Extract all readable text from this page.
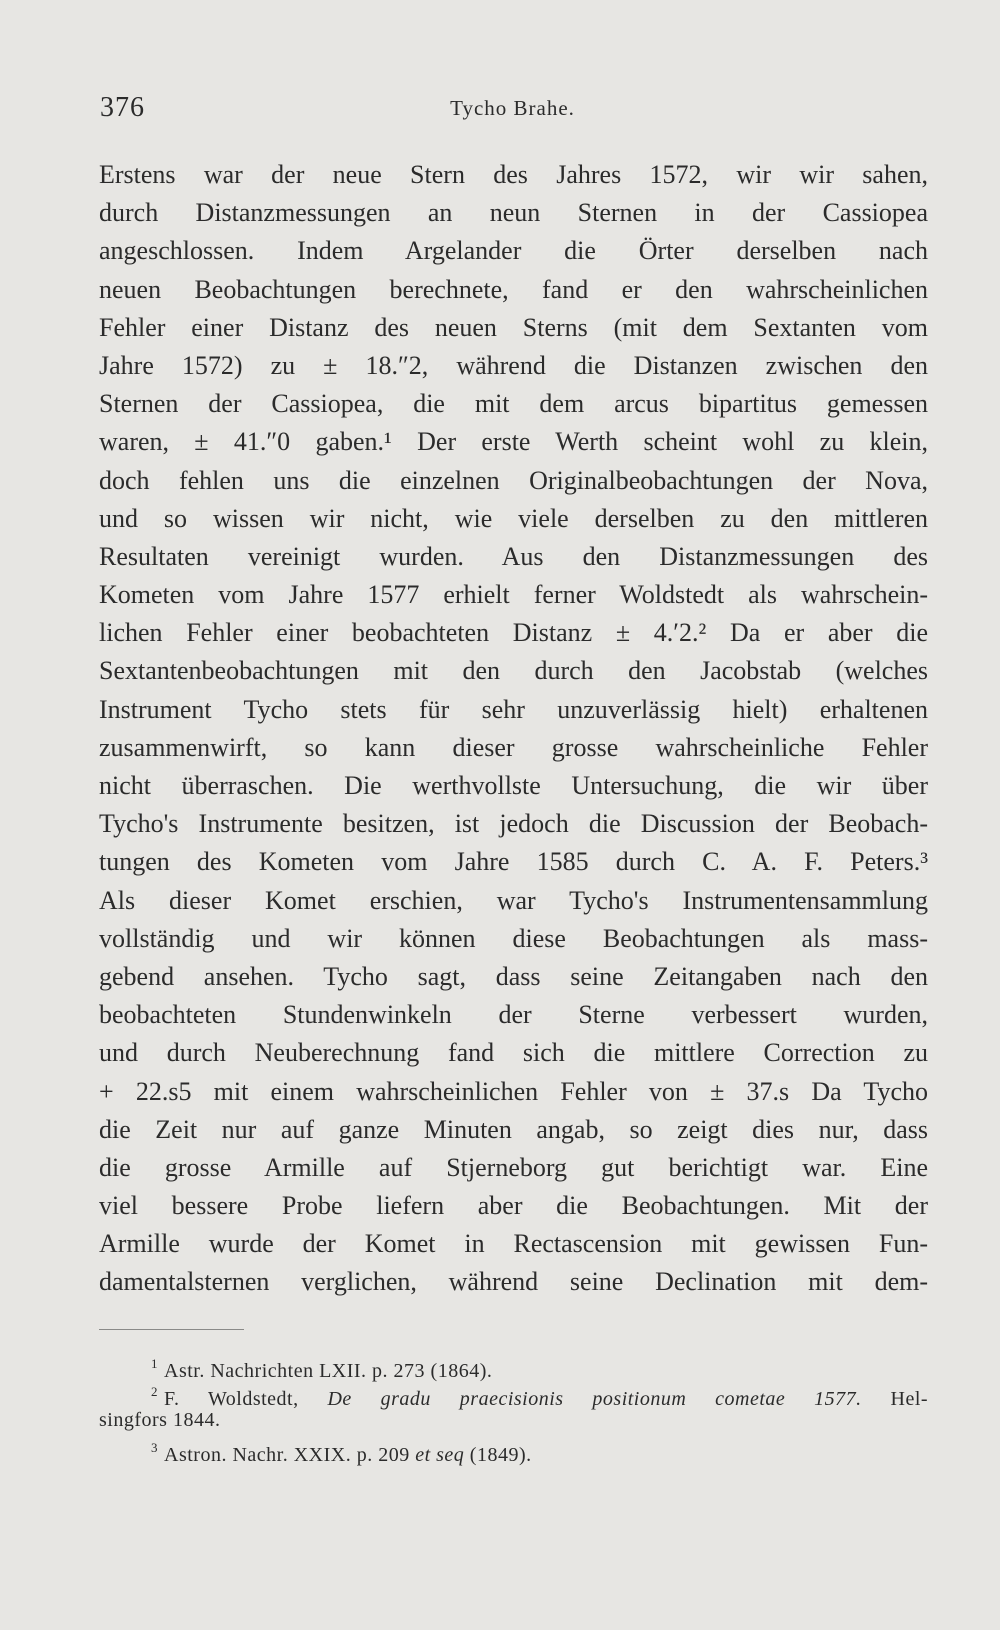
376	Tycho Brahe.
Erstens war der neue Stern des Jahres 1572, wir wir sahen,
durch Distanzmessungen an neun Sternen in der Cassiopea
angeschlossen. Indem Argelander die Örter derselben nach
neuen Beobachtungen berechnete, fand er den wahrscheinlichen
Fehler einer Distanz des neuen Sterns (mit dem Sextanten vom
Jahre 1572) zu ± 18.″2, während die Distanzen zwischen den
Sternen der Cassiopea, die mit dem arcus bipartitus gemessen
waren, ± 41.″0 gaben.¹ Der erste Werth scheint wohl zu klein,
doch fehlen uns die einzelnen Originalbeobachtungen der Nova,
und so wissen wir nicht, wie viele derselben zu den mittleren
Resultaten vereinigt wurden. Aus den Distanzmessungen des
Kometen vom Jahre 1577 erhielt ferner Woldstedt als wahrschein-
lichen Fehler einer beobachteten Distanz ± 4.′2.² Da er aber die
Sextantenbeobachtungen mit den durch den Jacobstab (welches
Instrument Tycho stets für sehr unzuverlässig hielt) erhaltenen
zusammenwirft, so kann dieser grosse wahrscheinliche Fehler
nicht überraschen. Die werthvollste Untersuchung, die wir über
Tycho's Instrumente besitzen, ist jedoch die Discussion der Beobach-
tungen des Kometen vom Jahre 1585 durch C. A. F. Peters.³
Als dieser Komet erschien, war Tycho's Instrumentensammlung
vollständig und wir können diese Beobachtungen als mass-
gebend ansehen. Tycho sagt, dass seine Zeitangaben nach den
beobachteten Stundenwinkeln der Sterne verbessert wurden,
und durch Neuberechnung fand sich die mittlere Correction zu
+ 22.s5 mit einem wahrscheinlichen Fehler von ± 37.s Da Tycho
die Zeit nur auf ganze Minuten angab, so zeigt dies nur, dass
die grosse Armille auf Stjerneborg gut berichtigt war. Eine
viel bessere Probe liefern aber die Beobachtungen. Mit der
Armille wurde der Komet in Rectascension mit gewissen Fun-
damentalsternen verglichen, während seine Declination mit dem-
$^1$ Astr. Nachrichten LXII. p. 273 (1864).
$^2$ F. Woldstedt, De gradu praecisionis positionum cometae 1577. Hel-
singfors 1844.
$^3$ Astron. Nachr. XXIX. p. 209 et seq (1849).
